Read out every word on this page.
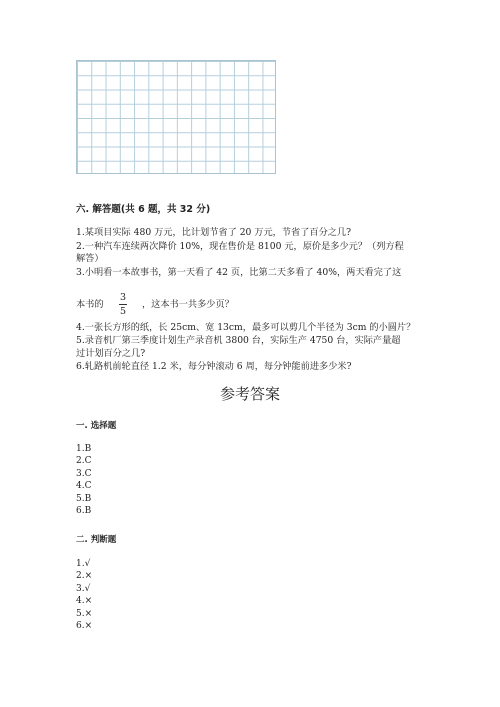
六. 解答题(共 6 题，共 32 分)
1.某项目实际 480 万元，比计划节省了 20 万元，节省了百分之几?
2.一种汽车连续两次降价 10%，现在售价是 8100 元，原价是多少元？（列方程
解答）
3.小明看一本故事书，第一天看了 42 页，比第二天多看了 40%，两天看完了这
本书的
3
5
，这本书一共多少页？
4.一张长方形的纸，长 25cm、宽 13cm，最多可以剪几个半径为 3cm 的小圆片？
5.录音机厂第三季度计划生产录音机 3800 台，实际生产 4750 台，实际产量超
过计划百分之几?
6.轧路机前轮直径 1.2 米，每分钟滚动 6 周，每分钟能前进多少米?
参考答案
一. 选择题
1.B
2.C
3.C
4.C
5.B
6.B
二. 判断题
1.√
2.×
3.√
4.×
5.×
6.×
